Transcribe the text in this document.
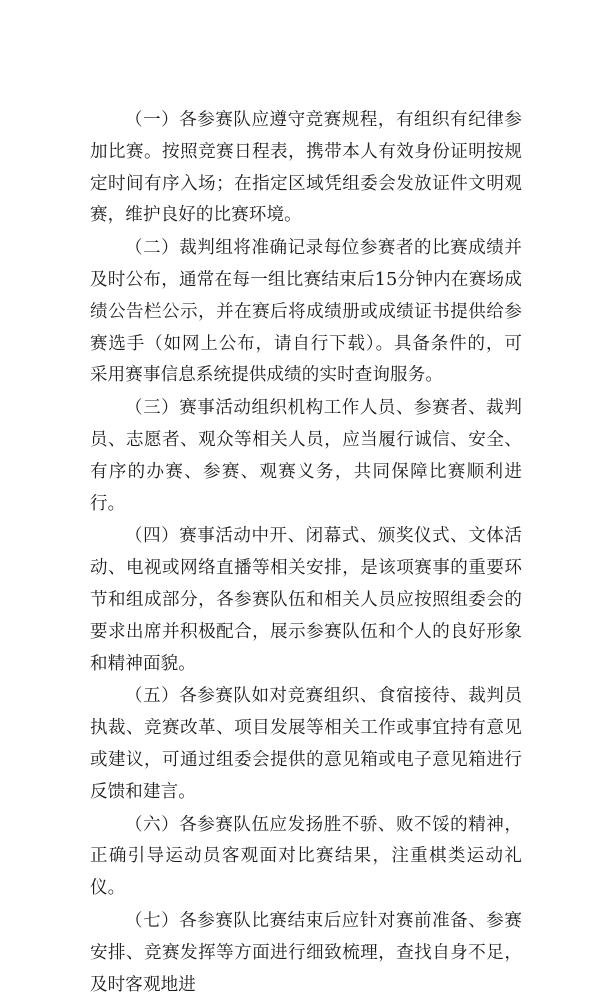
（一）各参赛队应遵守竞赛规程，有组织有纪律参加比赛。按照竞赛日程表，携带本人有效身份证明按规定时间有序入场；在指定区域凭组委会发放证件文明观赛，维护良好的比赛环境。

（二）裁判组将准确记录每位参赛者的比赛成绩并及时公布，通常在每一组比赛结束后15分钟内在赛场成绩公告栏公示，并在赛后将成绩册或成绩证书提供给参赛选手（如网上公布，请自行下载）。具备条件的，可采用赛事信息系统提供成绩的实时查询服务。

（三）赛事活动组织机构工作人员、参赛者、裁判员、志愿者、观众等相关人员，应当履行诚信、安全、有序的办赛、参赛、观赛义务，共同保障比赛顺利进行。

（四）赛事活动中开、闭幕式、颁奖仪式、文体活动、电视或网络直播等相关安排，是该项赛事的重要环节和组成部分，各参赛队伍和相关人员应按照组委会的要求出席并积极配合，展示参赛队伍和个人的良好形象和精神面貌。

（五）各参赛队如对竞赛组织、食宿接待、裁判员执裁、竞赛改革、项目发展等相关工作或事宜持有意见或建议，可通过组委会提供的意见箱或电子意见箱进行反馈和建言。

（六）各参赛队伍应发扬胜不骄、败不馁的精神，正确引导运动员客观面对比赛结果，注重棋类运动礼仪。

（七）各参赛队比赛结束后应针对赛前准备、参赛安排、竞赛发挥等方面进行细致梳理，查找自身不足，及时客观地进
